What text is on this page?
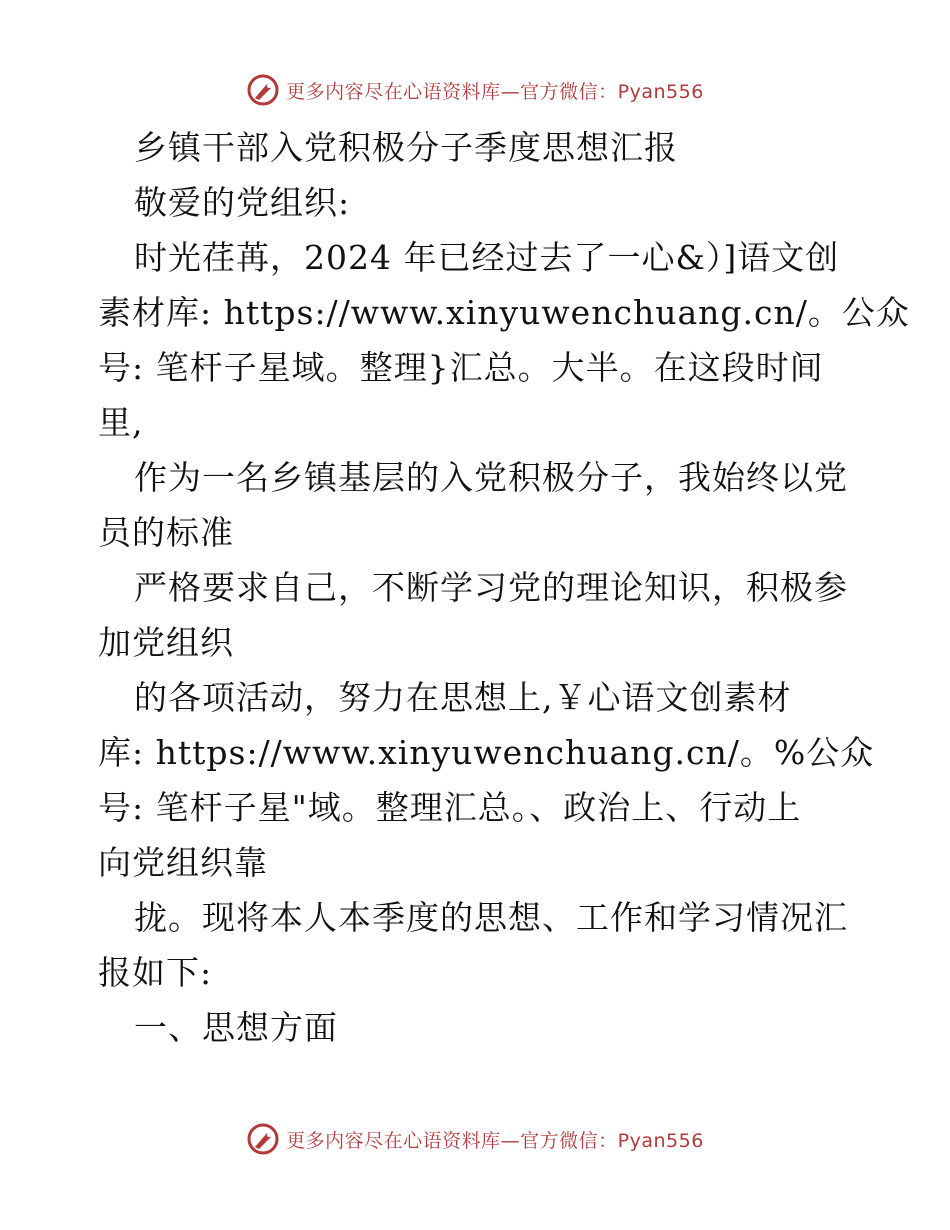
更多内容尽在心语资料库—官方微信：Pyan556
乡镇干部入党积极分子季度思想汇报
敬爱的党组织:
时光荏苒，2024 年已经过去了一心&）]语文创
素材库: https://www.xinyuwenchuang.cn/。公众
号: 笔杆子星域。整理}汇总。大半。在这段时间
里,
作为一名乡镇基层的入党积极分子，我始终以党
员的标准
严格要求自己，不断学习党的理论知识，积极参
加党组织
的各项活动，努力在思想上,￥心语文创素材
库: https://www.xinyuwenchuang.cn/。%公众
号: 笔杆子星"域。整理汇总。、政治上、行动上
向党组织靠
拢。现将本人本季度的思想、工作和学习情况汇
报如下:
一、思想方面
更多内容尽在心语资料库—官方微信：Pyan556
